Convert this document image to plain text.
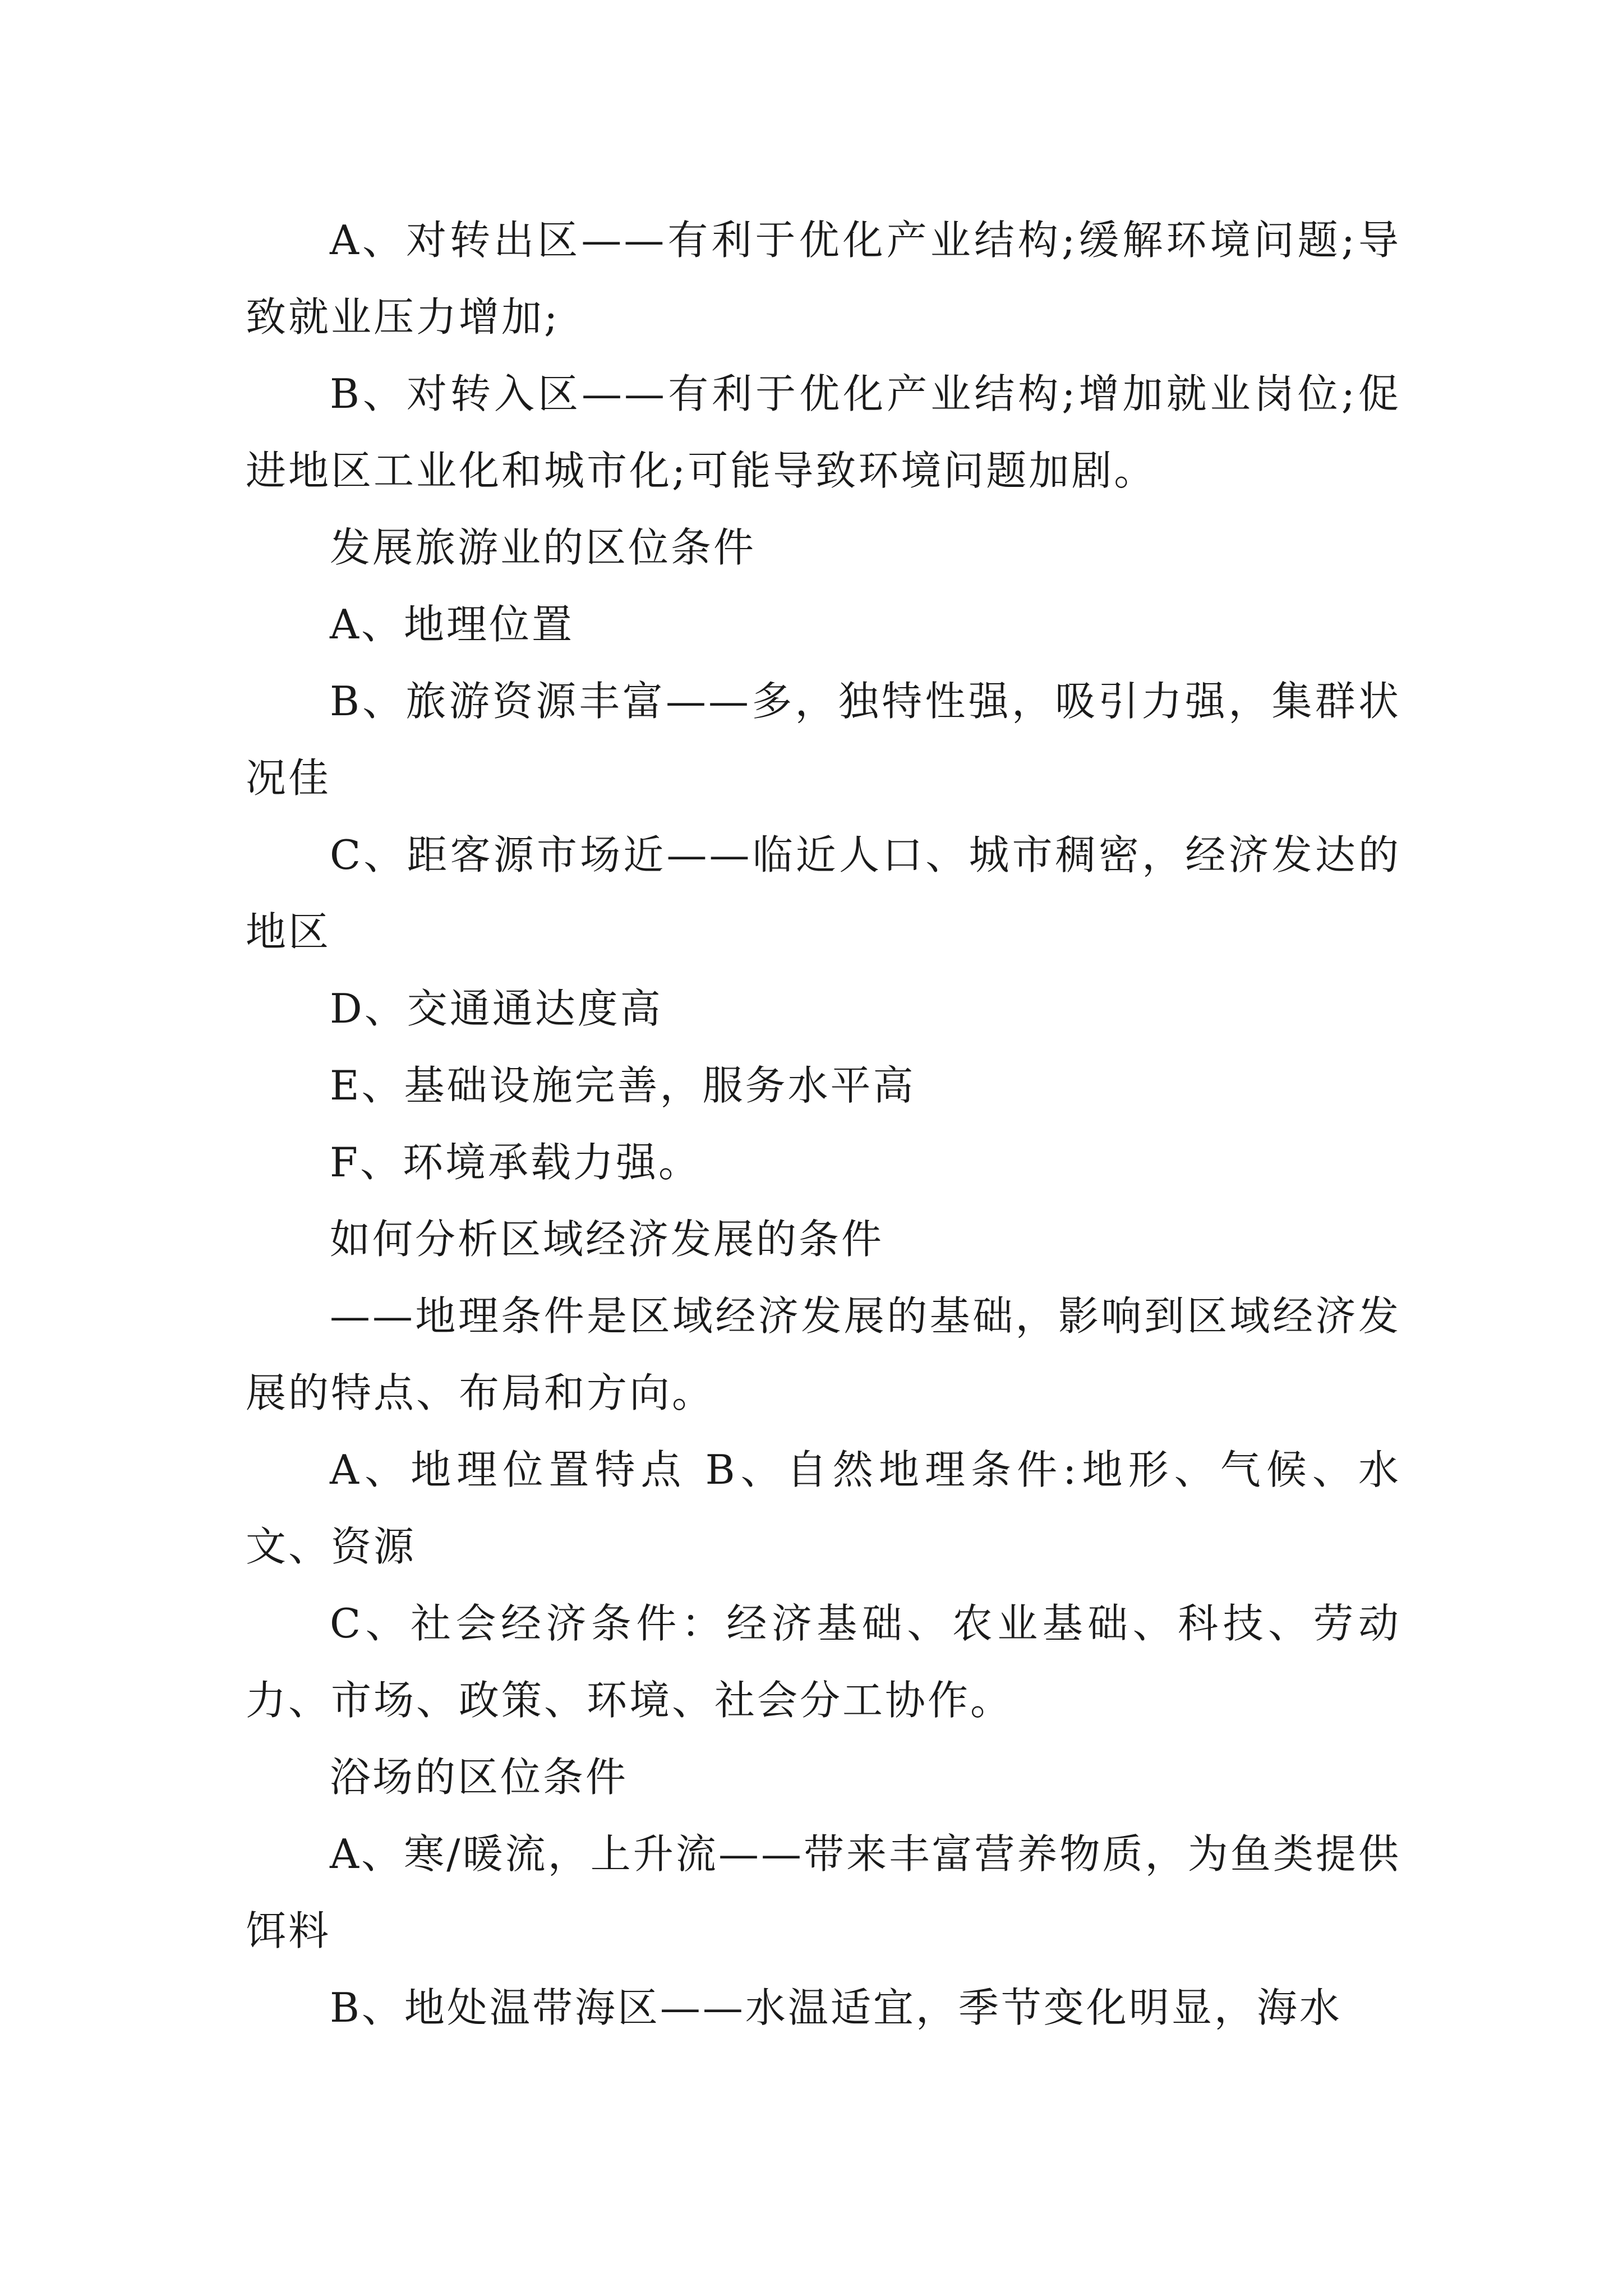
A、对转出区——有利于优化产业结构;缓解环境问题;导致就业压力增加;

B、对转入区——有利于优化产业结构;增加就业岗位;促进地区工业化和城市化;可能导致环境问题加剧。

发展旅游业的区位条件

A、地理位置

B、旅游资源丰富——多，独特性强，吸引力强，集群状况佳

C、距客源市场近——临近人口、城市稠密，经济发达的地区

D、交通通达度高

E、基础设施完善，服务水平高

F、环境承载力强。

如何分析区域经济发展的条件

——地理条件是区域经济发展的基础，影响到区域经济发展的特点、布局和方向。

A、地理位置特点 B、自然地理条件:地形、气候、水文、资源

C、社会经济条件：经济基础、农业基础、科技、劳动力、市场、政策、环境、社会分工协作。

浴场的区位条件

A、寒/暖流，上升流——带来丰富营养物质，为鱼类提供饵料

B、地处温带海区——水温适宜，季节变化明显，海水
